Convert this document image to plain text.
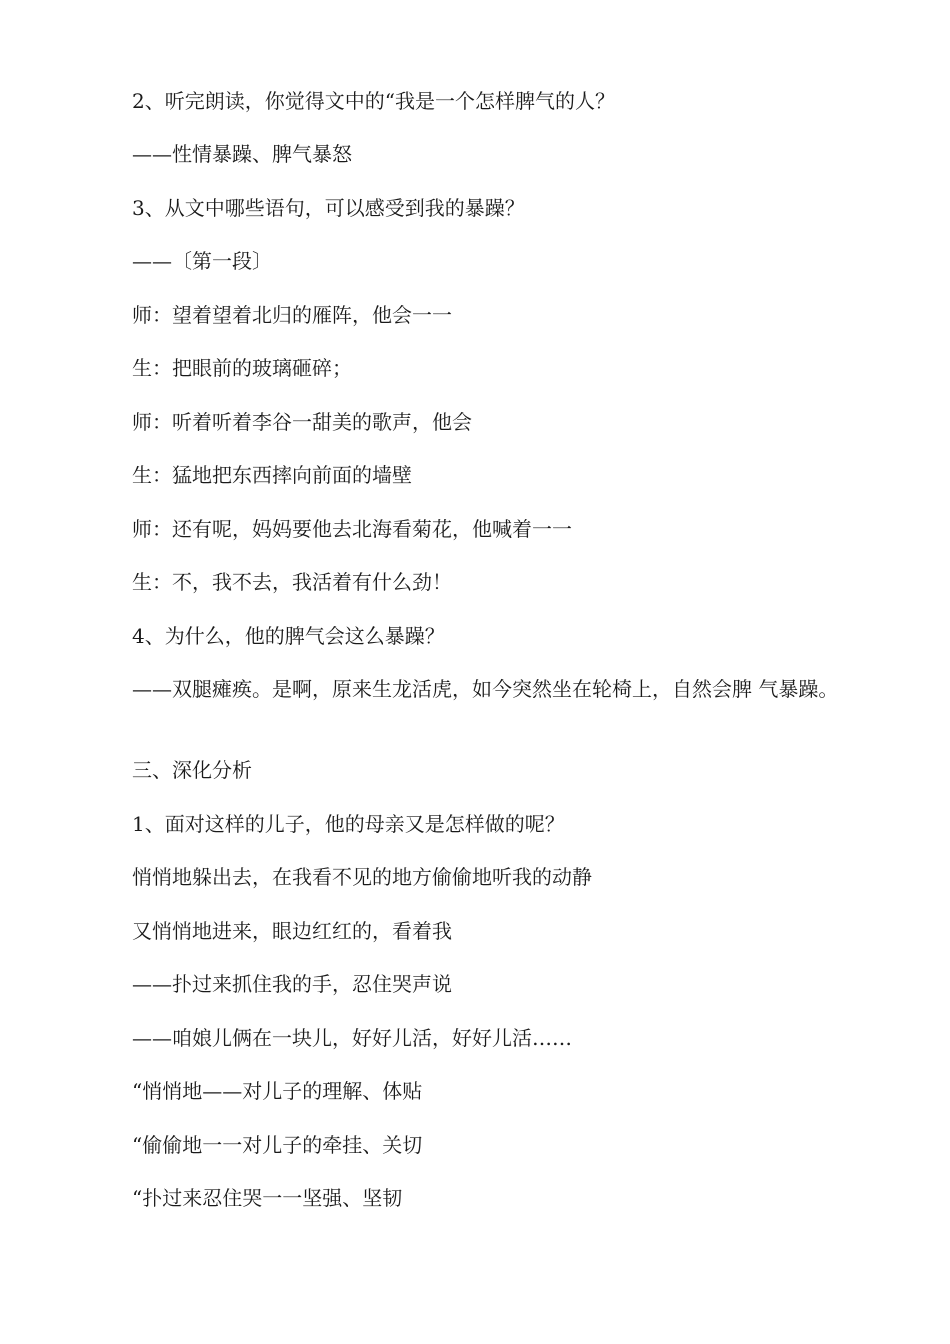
2、听完朗读，你觉得文中的“我是一个怎样脾气的人？
——性情暴躁、脾气暴怒
3、从文中哪些语句，可以感受到我的暴躁？
——〔第一段〕
师：望着望着北归的雁阵，他会一一
生：把眼前的玻璃砸碎；
师：听着听着李谷一甜美的歌声，他会
生：猛地把东西摔向前面的墙壁
师：还有呢，妈妈要他去北海看菊花，他喊着一一
生：不，我不去，我活着有什么劲！
4、为什么，他的脾气会这么暴躁？
——双腿瘫痪。是啊，原来生龙活虎，如今突然坐在轮椅上，自然会脾 气暴躁。
三、深化分析
1、面对这样的儿子，他的母亲又是怎样做的呢？
悄悄地躲出去，在我看不见的地方偷偷地听我的动静
又悄悄地进来，眼边红红的，看着我
——扑过来抓住我的手，忍住哭声说
——咱娘儿俩在一块儿，好好儿活，好好儿活……
“悄悄地——对儿子的理解、体贴
“偷偷地一一对儿子的牵挂、关切
“扑过来忍住哭一一坚强、坚韧
